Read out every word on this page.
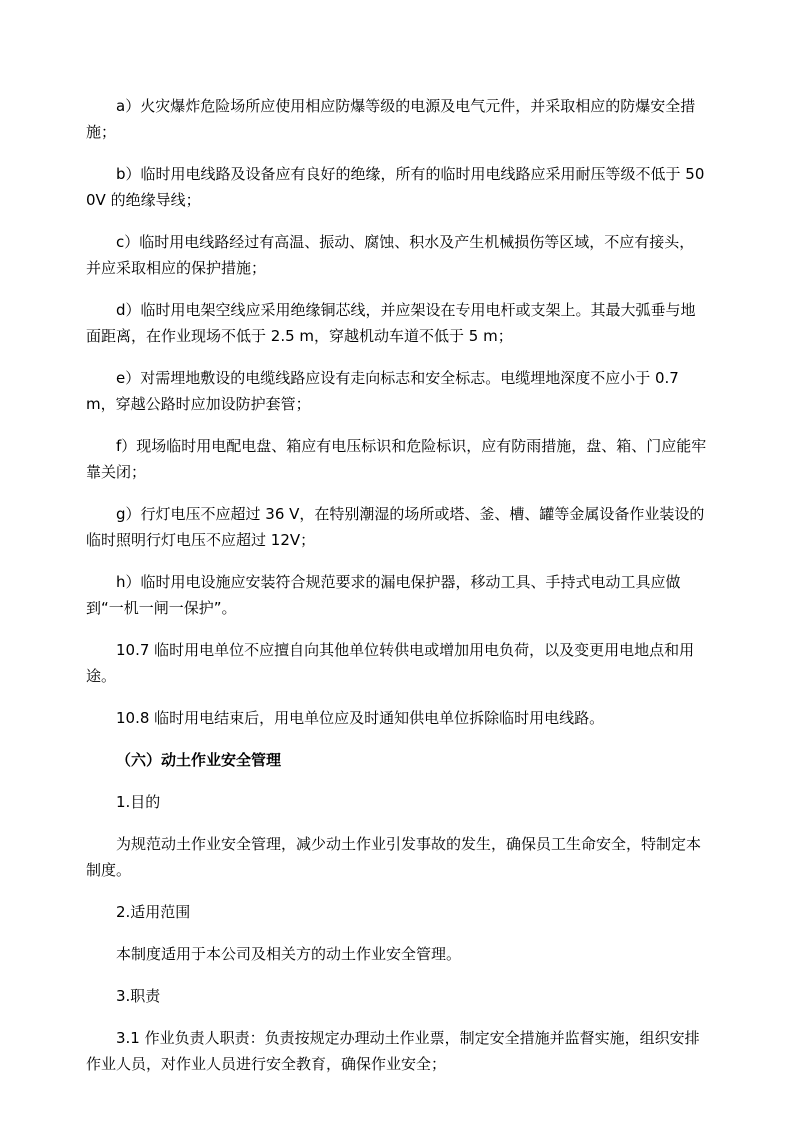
a）火灾爆炸危险场所应使用相应防爆等级的电源及电气元件，并采取相应的防爆安全措施；

b）临时用电线路及设备应有良好的绝缘，所有的临时用电线路应采用耐压等级不低于 500V 的绝缘导线；

c）临时用电线路经过有高温、振动、腐蚀、积水及产生机械损伤等区域，不应有接头，并应采取相应的保护措施；

d）临时用电架空线应采用绝缘铜芯线，并应架设在专用电杆或支架上。其最大弧垂与地面距离，在作业现场不低于 2.5 m，穿越机动车道不低于 5 m；

e）对需埋地敷设的电缆线路应设有走向标志和安全标志。电缆埋地深度不应小于 0.7 m，穿越公路时应加设防护套管；

f）现场临时用电配电盘、箱应有电压标识和危险标识，应有防雨措施，盘、箱、门应能牢靠关闭；

g）行灯电压不应超过 36 V，在特别潮湿的场所或塔、釜、槽、罐等金属设备作业装设的临时照明行灯电压不应超过 12V；

h）临时用电设施应安装符合规范要求的漏电保护器，移动工具、手持式电动工具应做到“一机一闸一保护”。

10.7 临时用电单位不应擅自向其他单位转供电或增加用电负荷，以及变更用电地点和用途。

10.8 临时用电结束后，用电单位应及时通知供电单位拆除临时用电线路。

（六）动土作业安全管理

1.目的

为规范动土作业安全管理，减少动土作业引发事故的发生，确保员工生命安全，特制定本制度。

2.适用范围

本制度适用于本公司及相关方的动土作业安全管理。

3.职责

3.1 作业负责人职责：负责按规定办理动土作业票，制定安全措施并监督实施，组织安排作业人员，对作业人员进行安全教育，确保作业安全；
